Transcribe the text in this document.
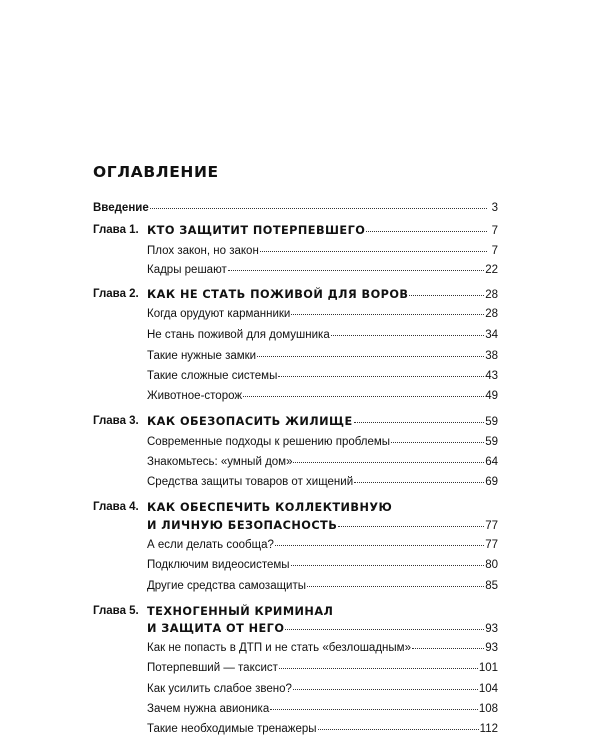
ОГЛАВЛЕНИЕ
Введение	3
Глава 1. КТО ЗАЩИТИТ ПОТЕРПЕВШЕГО	7
Плох закон, но закон	7
Кадры решают	22
Глава 2. КАК НЕ СТАТЬ ПОЖИВОЙ ДЛЯ ВОРОВ	28
Когда орудуют карманники	28
Не стань поживой для домушника	34
Такие нужные замки	38
Такие сложные системы	43
Животное-сторож	49
Глава 3. КАК ОБЕЗОПАСИТЬ ЖИЛИЩЕ	59
Современные подходы к решению проблемы	59
Знакомьтесь: «умный дом»	64
Средства защиты товаров от хищений	69
Глава 4. КАК ОБЕСПЕЧИТЬ КОЛЛЕКТИВНУЮ
И ЛИЧНУЮ БЕЗОПАСНОСТЬ	77
А если делать сообща?	77
Подключим видеосистемы	80
Другие средства самозащиты	85
Глава 5. ТЕХНОГЕННЫЙ КРИМИНАЛ
И ЗАЩИТА ОТ НЕГО	93
Как не попасть в ДТП и не стать «безлошадным»	93
Потерпевший — таксист	101
Как усилить слабое звено?	104
Зачем нужна авионика	108
Такие необходимые тренажеры	112
